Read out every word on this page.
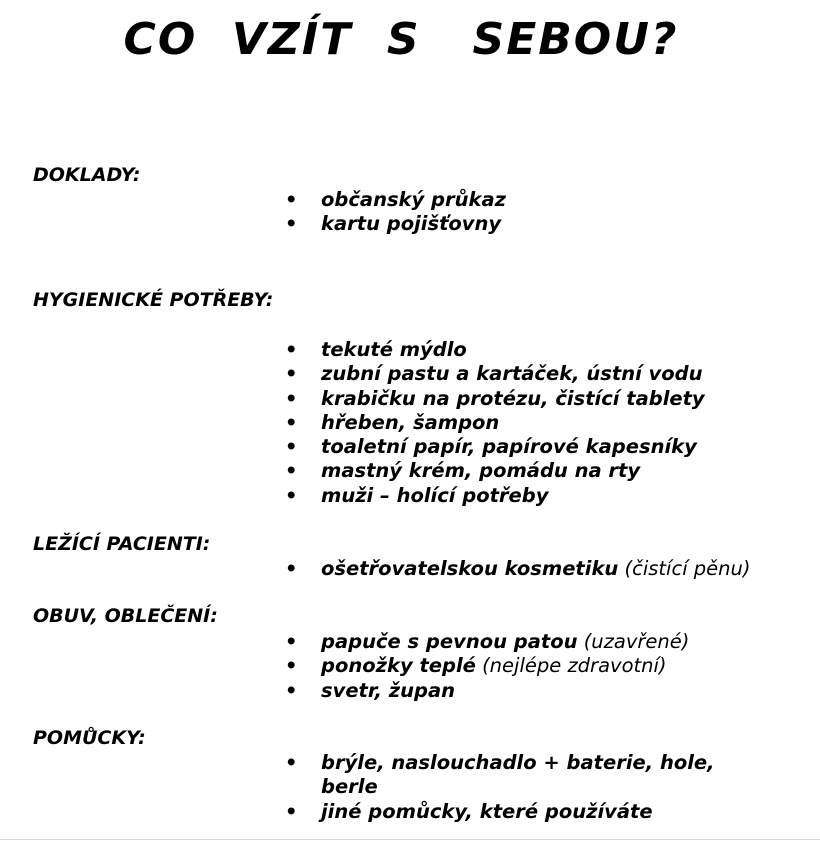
CO  VZÍT  S   SEBOU?

DOKLADY:

• občanský průkaz
• kartu pojišťovny

HYGIENICKÉ POTŘEBY:

• tekuté mýdlo
• zubní pastu a kartáček, ústní vodu
• krabičku na protézu, čistící tablety
• hřeben, šampon
• toaletní papír, papírové kapesníky
• mastný krém, pomádu na rty
• muži – holící potřeby

LEŽÍCÍ PACIENTI:

• ošetřovatelskou kosmetiku (čistící pěnu)

OBUV, OBLEČENÍ:

• papuče s pevnou patou (uzavřené)
• ponožky teplé (nejlépe zdravotní)
• svetr, župan

POMŮCKY:

• brýle, naslouchadlo + baterie, hole, berle
• jiné pomůcky, které používáte
